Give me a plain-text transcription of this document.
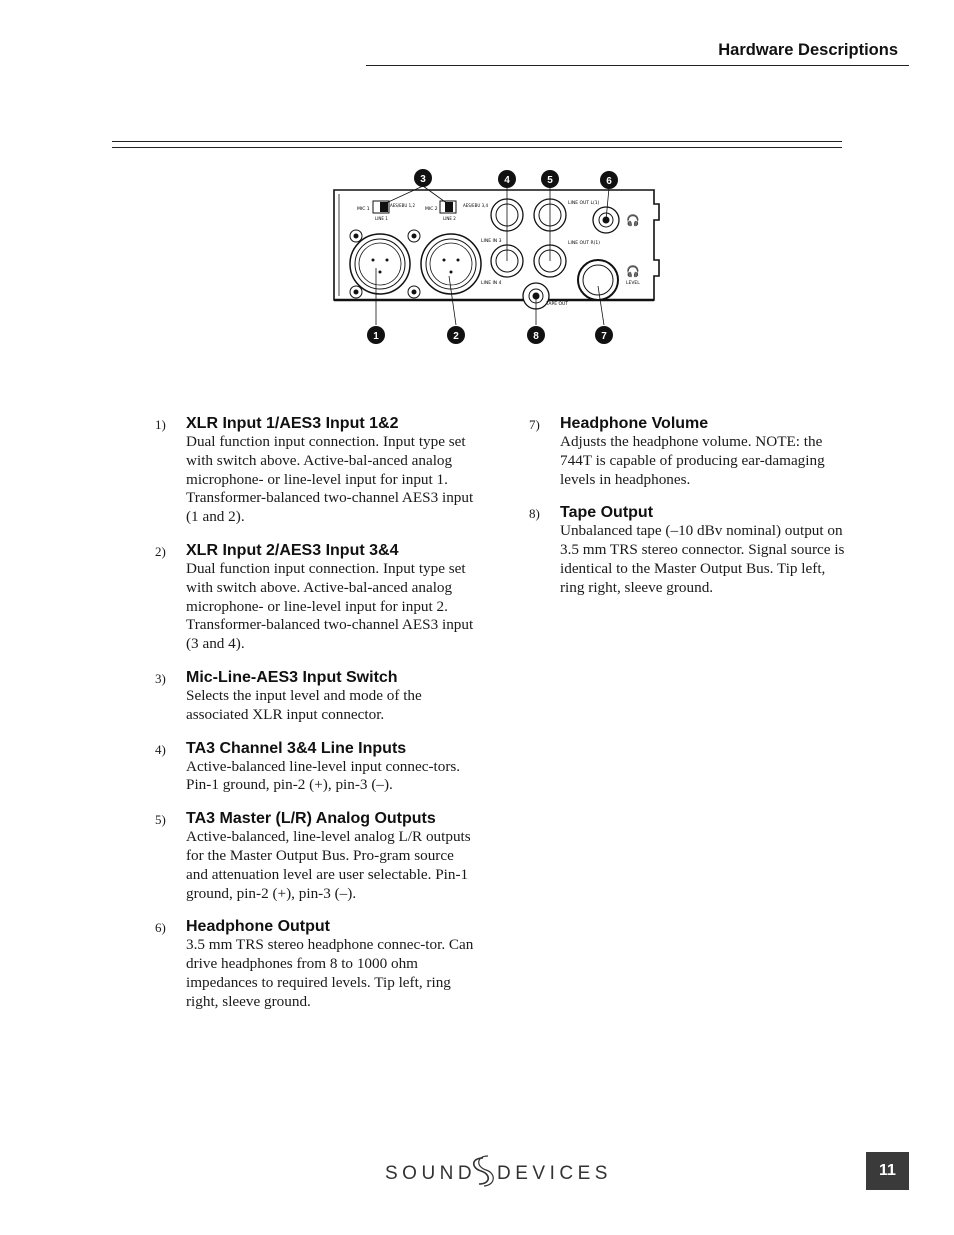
Hardware Descriptions
MIC 1
AES/EBU 1,2
LINE 1
MIC 2
AES/EBU 3,4
LINE 2
LINE IN 3
LINE IN 4
LINE OUT L(1)
LINE OUT R(1)
🎧
🎧
LEVEL
TAPE OUT
3	4	5	6
1	2	8	7
1) XLR Input 1/AES3 Input 1&2
Dual function input connection. Input type set with switch above. Active-bal-anced analog microphone- or line-level input for input 1. Transformer-balanced two-channel AES3 input (1 and 2).
2) XLR Input 2/AES3 Input 3&4
Dual function input connection. Input type set with switch above. Active-bal-anced analog microphone- or line-level input for input 2. Transformer-balanced two-channel AES3 input (3 and 4).
3) Mic-Line-AES3 Input Switch
Selects the input level and mode of the associated XLR input connector.
4) TA3 Channel 3&4 Line Inputs
Active-balanced line-level input connec-tors. Pin-1 ground, pin-2 (+), pin-3 (–).
5) TA3 Master (L/R) Analog Outputs
Active-balanced, line-level analog L/R outputs for the Master Output Bus. Pro-gram source and attenuation level are user selectable. Pin-1 ground, pin-2 (+), pin-3 (–).
6) Headphone Output
3.5 mm TRS stereo headphone connec-tor. Can drive headphones from 8 to 1000 ohm impedances to required levels. Tip left, ring right, sleeve ground.
7) Headphone Volume
Adjusts the headphone volume. NOTE: the 744T is capable of producing ear-damaging levels in headphones.
8) Tape Output
Unbalanced tape (–10 dBv nominal) output on 3.5 mm TRS stereo connector. Signal source is identical to the Master Output Bus. Tip left, ring right, sleeve ground.
SOUND DEVICES	11
